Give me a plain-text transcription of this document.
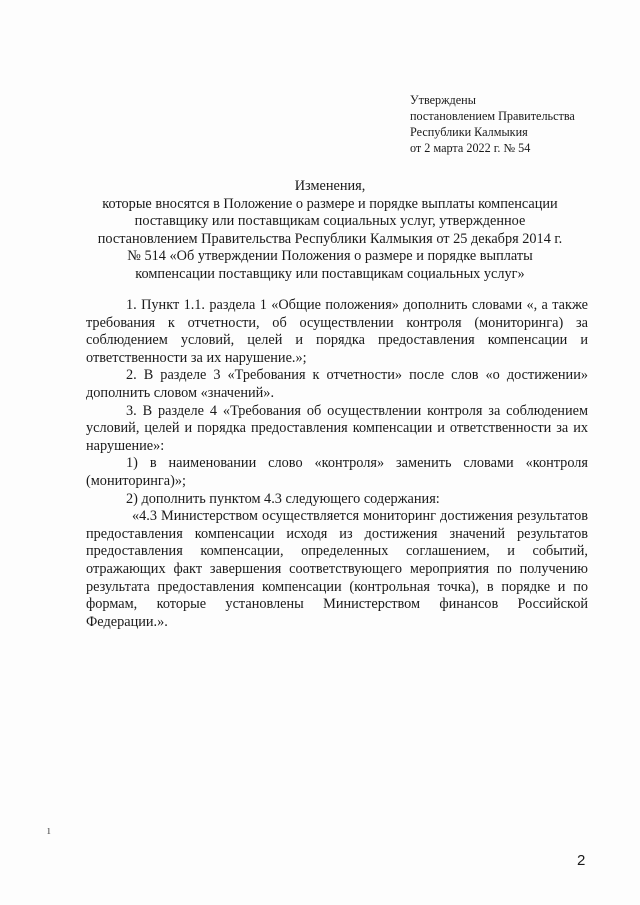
Утверждены
постановлением Правительства
Республики Калмыкия
от 2 марта 2022 г. № 54
Изменения,
которые вносятся в Положение о размере и порядке выплаты компенсации
поставщику или поставщикам социальных услуг, утвержденное
постановлением Правительства Республики Калмыкия от 25 декабря 2014 г.
№ 514 «Об утверждении Положения о размере и порядке выплаты
компенсации поставщику или поставщикам социальных услуг»

1. Пункт 1.1. раздела 1 «Общие положения» дополнить словами «, а также требования к отчетности, об осуществлении контроля (мониторинга) за соблюдением условий, целей и порядка предоставления компенсации и ответственности за их нарушение.»;

2. В разделе 3 «Требования к отчетности» после слов «о достижении» дополнить словом «значений».

3. В разделе 4 «Требования об осуществлении контроля за соблюдением условий, целей и порядка предоставления компенсации и ответственности за их нарушение»:

1) в наименовании слово «контроля» заменить словами «контроля (мониторинга)»;

2) дополнить пунктом 4.3 следующего содержания:

«4.3 Министерством осуществляется мониторинг достижения результатов предоставления компенсации исходя из достижения значений результатов предоставления компенсации, определенных соглашением, и событий, отражающих факт завершения соответствующего мероприятия по получению результата предоставления компенсации (контрольная точка), в порядке и по формам, которые установлены Министерством финансов Российской Федерации.».

2
ı
